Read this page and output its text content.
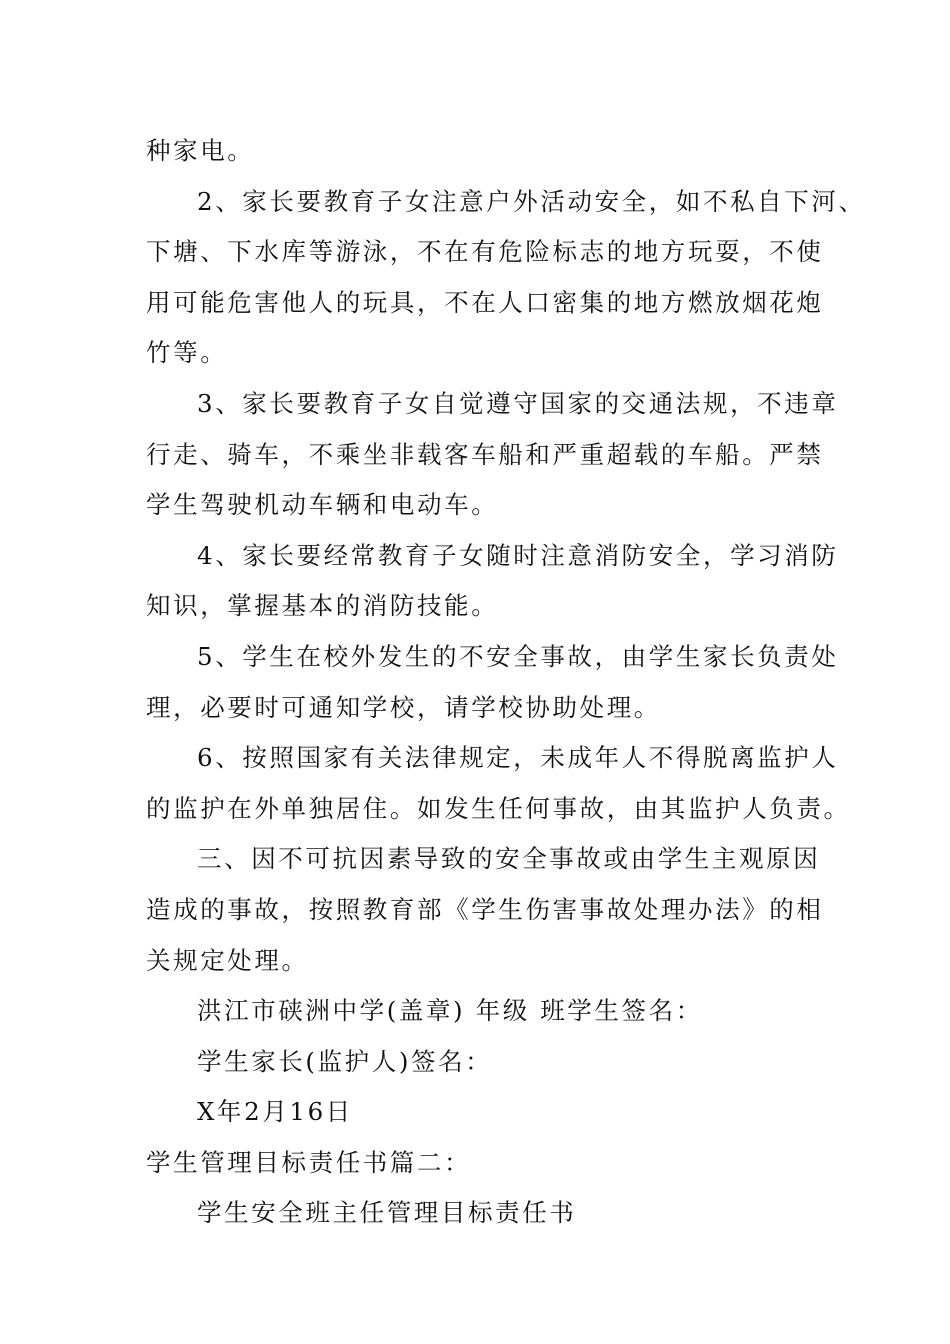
种家电。
2、家长要教育子女注意户外活动安全，如不私自下河、
下塘、下水库等游泳，不在有危险标志的地方玩耍，不使
用可能危害他人的玩具，不在人口密集的地方燃放烟花炮
竹等。
3、家长要教育子女自觉遵守国家的交通法规，不违章
行走、骑车，不乘坐非载客车船和严重超载的车船。严禁
学生驾驶机动车辆和电动车。
4、家长要经常教育子女随时注意消防安全，学习消防
知识，掌握基本的消防技能。
5、学生在校外发生的不安全事故，由学生家长负责处
理，必要时可通知学校，请学校协助处理。
6、按照国家有关法律规定，未成年人不得脱离监护人
的监护在外单独居住。如发生任何事故，由其监护人负责。
三、因不可抗因素导致的安全事故或由学生主观原因
造成的事故，按照教育部《学生伤害事故处理办法》的相
关规定处理。
洪江市硖洲中学(盖章) 年级 班学生签名：
学生家长(监护人)签名：
X年2月16日
学生管理目标责任书篇二：
学生安全班主任管理目标责任书
